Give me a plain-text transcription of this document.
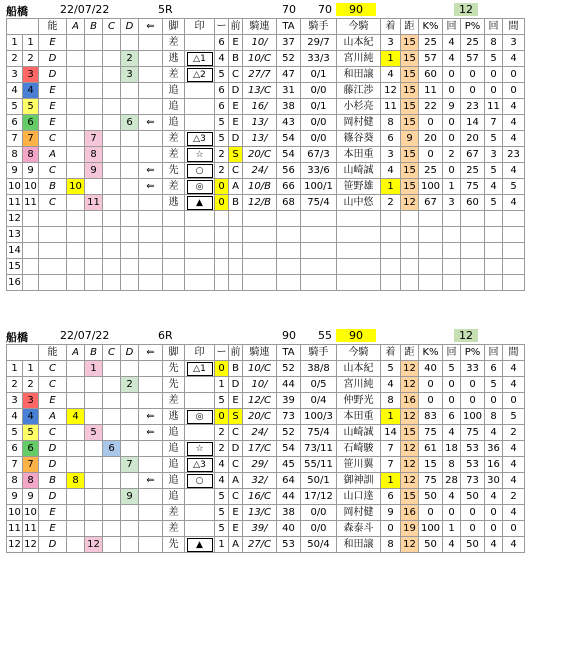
船橋	22/07/22	5R	70 70	90	12
		能	A	B	C	D	⇐	脚	印	ー	前	騎連	TA	騎手	今騎	着	距	K%	回	P%	回	間
1	1	E						差		6	E	10/	37	29/7	山本紀	3	15	25	4	25	8	3
2	2	D				2		逃	△1	4	B	10/C	52	33/3	宮川純	1	15	57	4	57	5	4
3	3	D				3		差	△2	5	C	27/7	47	0/1	和田譲	4	15	60	0	0	0	0
4	4	E						追		6	D	13/C	31	0/0	藤江渉	12	15	11	0	0	0	0
5	5	E						追		6	E	16/	38	0/1	小杉亮	11	15	22	9	23	11	4
6	6	E				6	⇐	追		5	E	13/	43	0/0	岡村健	8	15	0	0	14	7	4
7	7	C		7				差	△3	5	D	13/	54	0/0	篠谷葵	6	9	20	0	20	5	4
8	8	A		8				差	☆	2	S	20/C	54	67/3	本田重	3	15	0	2	67	3	23
9	9	C		9			⇐	先	○	2	C	24/	56	33/6	山崎誠	4	15	25	0	25	5	4
10	10	B	10				⇐	差	◎	0	A	10/B	66	100/1	笹野雄	1	15	100	1	75	4	5
11	11	C		11				逃	▲	0	B	12/B	68	75/4	山中悠	2	12	67	3	60	5	4
12																						
13																						
14																						
15																						
16																						
船橋	22/07/22	6R	90 55	90	12
		能	A	B	C	D	⇐	脚	印	ー	前	騎連	TA	騎手	今騎	着	距	K%	回	P%	回	間
1	1	C		1				先	△1	0	B	10/C	52	38/8	山本紀	5	12	40	5	33	6	4
2	2	C				2		先		1	D	10/	44	0/5	宮川純	4	12	0	0	0	5	4
3	3	E						差		5	E	12/C	39	0/4	仲野光	8	16	0	0	0	0	0
4	4	A	4				⇐	逃	◎	0	S	20/C	73	100/3	本田重	1	12	83	6	100	8	5
5	5	C		5			⇐	追		2	C	24/	52	75/4	山崎誠	14	15	75	4	75	4	2
6	6	D			6			追	☆	2	D	17/C	54	73/11	石崎駿	7	12	61	18	53	36	4
7	7	D				7		追	△3	4	C	29/	45	55/11	笹川翼	7	12	15	8	53	16	4
8	8	B	8				⇐	追	○	4	A	32/	64	50/1	御神訓	1	12	75	28	73	30	4
9	9	D				9		追		5	C	16/C	44	17/12	山口達	6	15	50	4	50	4	2
10	10	E						差		5	E	13/C	38	0/0	岡村健	9	16	0	0	0	0	4
11	11	E						差		5	E	39/	40	0/0	森泰斗	0	19	100	1	0	0	0
12	12	D		12				先	▲	1	A	27/C	53	50/4	和田譲	8	12	50	4	50	4	4
